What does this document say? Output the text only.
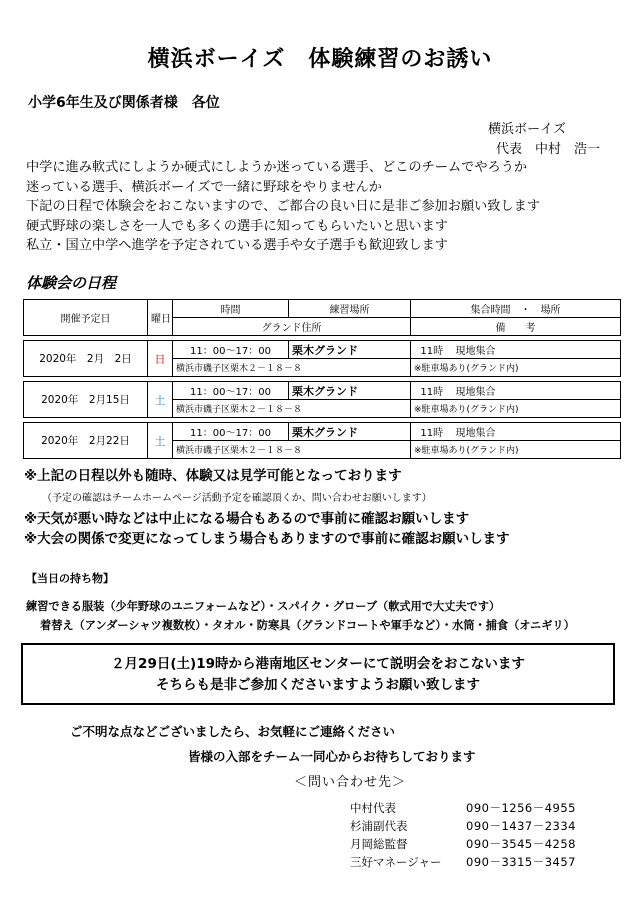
横浜ボーイズ　体験練習のお誘い
小学6年生及び関係者様　各位
横浜ボーイズ
代表　中村　浩一
中学に進み軟式にしようか硬式にしようか迷っている選手、どこのチームでやろうか
迷っている選手、横浜ボーイズで一緒に野球をやりませんか
下記の日程で体験会をおこないますので、ご都合の良い日に是非ご参加お願い致します
硬式野球の楽しさを一人でも多くの選手に知ってもらいたいと思います
私立・国立中学へ進学を予定されている選手や女子選手も歓迎致します
体験会の日程
開催予定日	曜日	時間	練習場所	集合時間　・　場所	
		グランド住所		備　　考	

2020年　2月　2日	日	11：00～17：00	栗木グランド	11時	現地集合
		横浜市磯子区栗木２－１８－８		※駐車場あり(グランド内)	

2020年　2月15日	土	11：00～17：00	栗木グランド	11時	現地集合
		横浜市磯子区栗木２－１８－８		※駐車場あり(グランド内)	

2020年　2月22日	土	11：00～17：00	栗木グランド	11時	現地集合
		横浜市磯子区栗木２－１８－８		※駐車場あり(グランド内)	
※上記の日程以外も随時、体験又は見学可能となっております
（予定の確認はチームホームページ活動予定を確認頂くか、問い合わせお願いします）
※天気が悪い時などは中止になる場合もあるので事前に確認お願いします
※大会の関係で変更になってしまう場合もありますので事前に確認お願いします
【当日の持ち物】
練習できる服装（少年野球のユニフォームなど）・スパイク・グローブ（軟式用で大丈夫です）
着替え（アンダーシャツ複数枚）・タオル・防寒具（グランドコートや軍手など）・水筒・捕食（オニギリ）
２月29日(土)19時から港南地区センターにて説明会をおこないます
そちらも是非ご参加くださいますようお願い致します
ご不明な点などございましたら、お気軽にご連絡ください
皆様の入部をチーム一同心からお待ちしております
＜問い合わせ先＞
中村代表	090－1256－4955
杉浦副代表	090－1437－2334
月岡総監督	090－3545－4258
三好マネージャー 090－3315－3457
